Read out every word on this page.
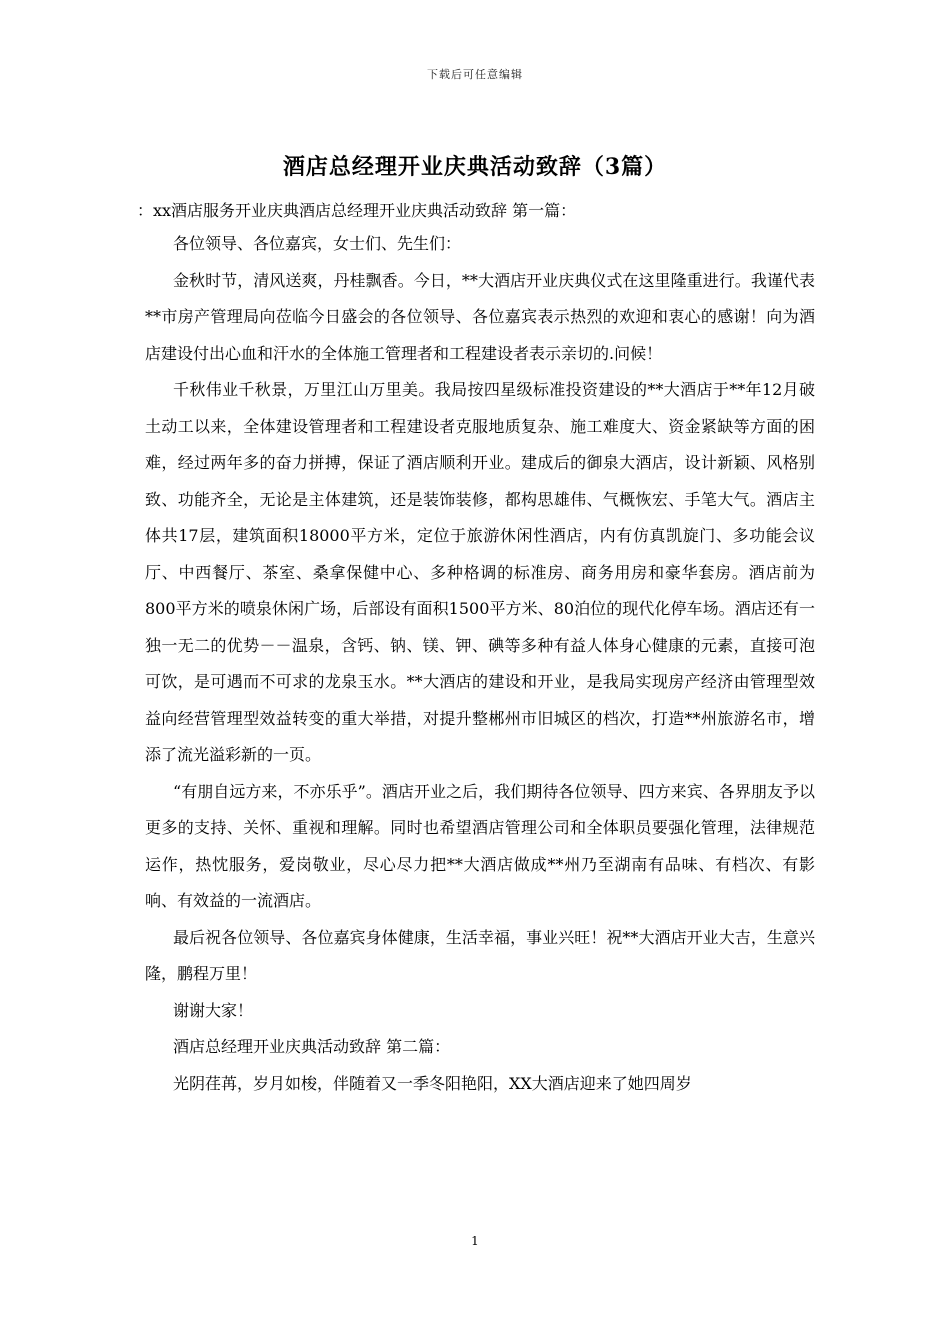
下载后可任意编辑
酒店总经理开业庆典活动致辞（3篇）

：xx酒店服务开业庆典酒店总经理开业庆典活动致辞 第一篇：

各位领导、各位嘉宾，女士们、先生们：

金秋时节，清风送爽，丹桂飘香。今日，**大酒店开业庆典仪式在这里隆重进行。我谨代表**市房产管理局向莅临今日盛会的各位领导、各位嘉宾表示热烈的欢迎和衷心的感谢！向为酒店建设付出心血和汗水的全体施工管理者和工程建设者表示亲切的.问候！

千秋伟业千秋景，万里江山万里美。我局按四星级标准投资建设的**大酒店于**年12月破土动工以来，全体建设管理者和工程建设者克服地质复杂、施工难度大、资金紧缺等方面的困难，经过两年多的奋力拼搏，保证了酒店顺利开业。建成后的御泉大酒店，设计新颖、风格别致、功能齐全，无论是主体建筑，还是装饰装修，都构思雄伟、气概恢宏、手笔大气。酒店主体共17层，建筑面积18000平方米，定位于旅游休闲性酒店，内有仿真凯旋门、多功能会议厅、中西餐厅、茶室、桑拿保健中心、多种格调的标准房、商务用房和豪华套房。酒店前为800平方米的喷泉休闲广场，后部设有面积1500平方米、80泊位的现代化停车场。酒店还有一独一无二的优势－－温泉，含钙、钠、镁、钾、碘等多种有益人体身心健康的元素，直接可泡可饮，是可遇而不可求的龙泉玉水。**大酒店的建设和开业，是我局实现房产经济由管理型效益向经营管理型效益转变的重大举措，对提升整郴州市旧城区的档次，打造**州旅游名市，增添了流光溢彩新的一页。

“有朋自远方来，不亦乐乎”。酒店开业之后，我们期待各位领导、四方来宾、各界朋友予以更多的支持、关怀、重视和理解。同时也希望酒店管理公司和全体职员要强化管理，法律规范运作，热忱服务，爱岗敬业，尽心尽力把**大酒店做成**州乃至湖南有品味、有档次、有影响、有效益的一流酒店。

最后祝各位领导、各位嘉宾身体健康，生活幸福，事业兴旺！祝**大酒店开业大吉，生意兴隆，鹏程万里！

谢谢大家！

酒店总经理开业庆典活动致辞 第二篇：

光阴荏苒，岁月如梭，伴随着又一季冬阳艳阳，XX大酒店迎来了她四周岁

1
